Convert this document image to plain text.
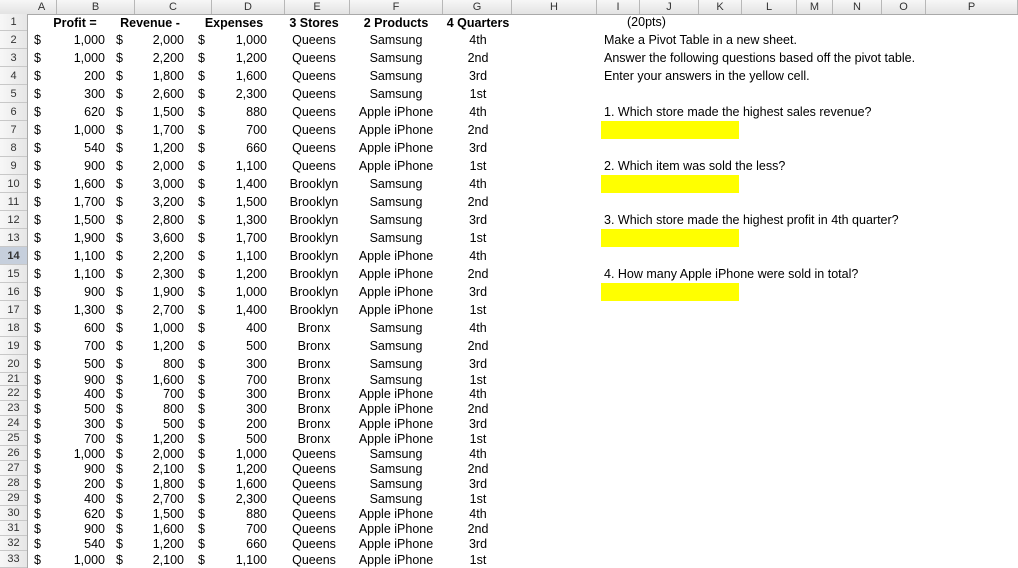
A	B	C	D	E	F	G	H	I	J	K	L	M	N	O	P
1
2
3
4
5
6
7
8
9
10
11
12
13
14
15
16
17
18
19
20
21
22
23
24
25
26
27
28
29
30
31
32
33
(20pts)
Make a Pivot Table in a new sheet.
Answer the following questions based off the pivot table.
Enter your answers in the yellow cell.
1. Which store made the highest sales revenue?
2. Which item was sold the less?
3. Which store made the highest profit in 4th quarter?
4. How many Apple iPhone were sold in total?
Profit =	Revenue -	Expenses	3 Stores	2 Products	4 Quarters
$	1,000 $	2,000 $	1,000	Queens	Samsung	4th
$	1,000 $	2,200 $	1,200	Queens	Samsung	2nd
$	200 $	1,800 $	1,600	Queens	Samsung	3rd
$	300 $	2,600 $	2,300	Queens	Samsung	1st
$	620 $	1,500 $	880	Queens	Apple iPhone	4th
$	1,000 $	1,700 $	700	Queens	Apple iPhone	2nd
$	540 $	1,200 $	660	Queens	Apple iPhone	3rd
$	900 $	2,000 $	1,100	Queens	Apple iPhone	1st
$	1,600 $	3,000 $	1,400	Brooklyn	Samsung	4th
$	1,700 $	3,200 $	1,500	Brooklyn	Samsung	2nd
$	1,500 $	2,800 $	1,300	Brooklyn	Samsung	3rd
$	1,900 $	3,600 $	1,700	Brooklyn	Samsung	1st
$	1,100 $	2,200 $	1,100	Brooklyn	Apple iPhone	4th
$	1,100 $	2,300 $	1,200	Brooklyn	Apple iPhone	2nd
$	900 $	1,900 $	1,000	Brooklyn	Apple iPhone	3rd
$	1,300 $	2,700 $	1,400	Brooklyn	Apple iPhone	1st
$	600 $	1,000 $	400	Bronx	Samsung	4th
$	700 $	1,200 $	500	Bronx	Samsung	2nd
$	500 $	800 $	300	Bronx	Samsung	3rd
$	900 $	1,600 $	700	Bronx	Samsung	1st
$	400 $	700 $	300	Bronx	Apple iPhone	4th
$	500 $	800 $	300	Bronx	Apple iPhone	2nd
$	300 $	500 $	200	Bronx	Apple iPhone	3rd
$	700 $	1,200 $	500	Bronx	Apple iPhone	1st
$	1,000 $	2,000 $	1,000	Queens	Samsung	4th
$	900 $	2,100 $	1,200	Queens	Samsung	2nd
$	200 $	1,800 $	1,600	Queens	Samsung	3rd
$	400 $	2,700 $	2,300	Queens	Samsung	1st
$	620 $	1,500 $	880	Queens	Apple iPhone	4th
$	900 $	1,600 $	700	Queens	Apple iPhone	2nd
$	540 $	1,200 $	660	Queens	Apple iPhone	3rd
$	1,000 $	2,100 $	1,100	Queens	Apple iPhone	1st
